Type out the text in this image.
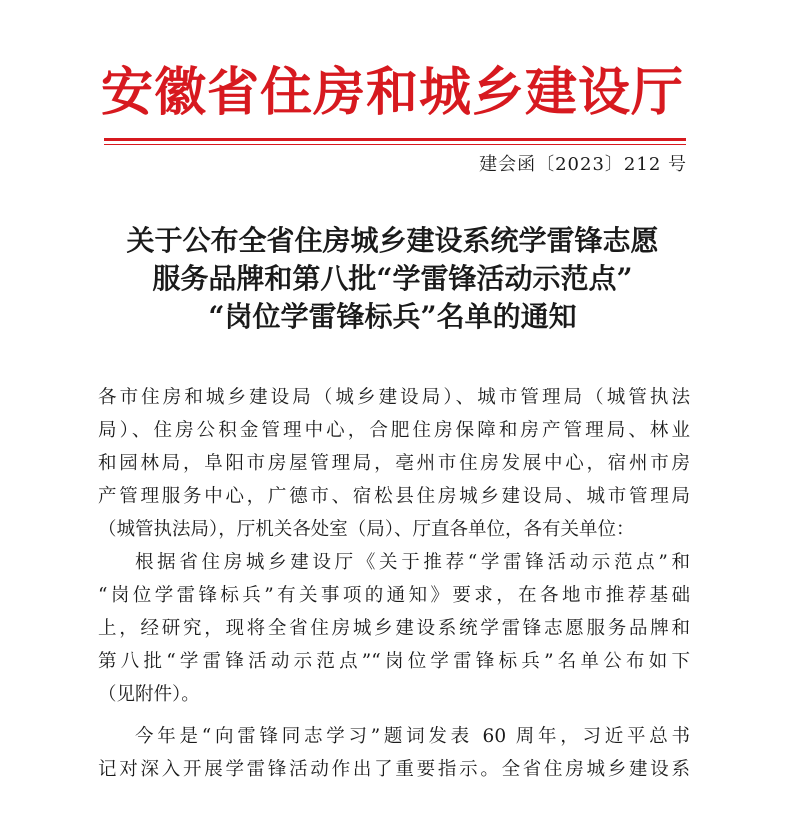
安徽省住房和城乡建设厅
建会函〔2023〕212 号
关于公布全省住房城乡建设系统学雷锋志愿
服务品牌和第八批“学雷锋活动示范点”
“岗位学雷锋标兵”名单的通知
各市住房和城乡建设局（城乡建设局）、城市管理局（城管执法
局）、住房公积金管理中心，合肥住房保障和房产管理局、林业
和园林局，阜阳市房屋管理局，亳州市住房发展中心，宿州市房
产管理服务中心，广德市、宿松县住房城乡建设局、城市管理局
（城管执法局），厅机关各处室（局）、厅直各单位，各有关单位：
根据省住房城乡建设厅《关于推荐“学雷锋活动示范点”和
“岗位学雷锋标兵”有关事项的通知》要求，在各地市推荐基础
上，经研究，现将全省住房城乡建设系统学雷锋志愿服务品牌和
第八批“学雷锋活动示范点”“岗位学雷锋标兵”名单公布如下
（见附件）。
今年是“向雷锋同志学习”题词发表 60 周年，习近平总书
记对深入开展学雷锋活动作出了重要指示。全省住房城乡建设系
